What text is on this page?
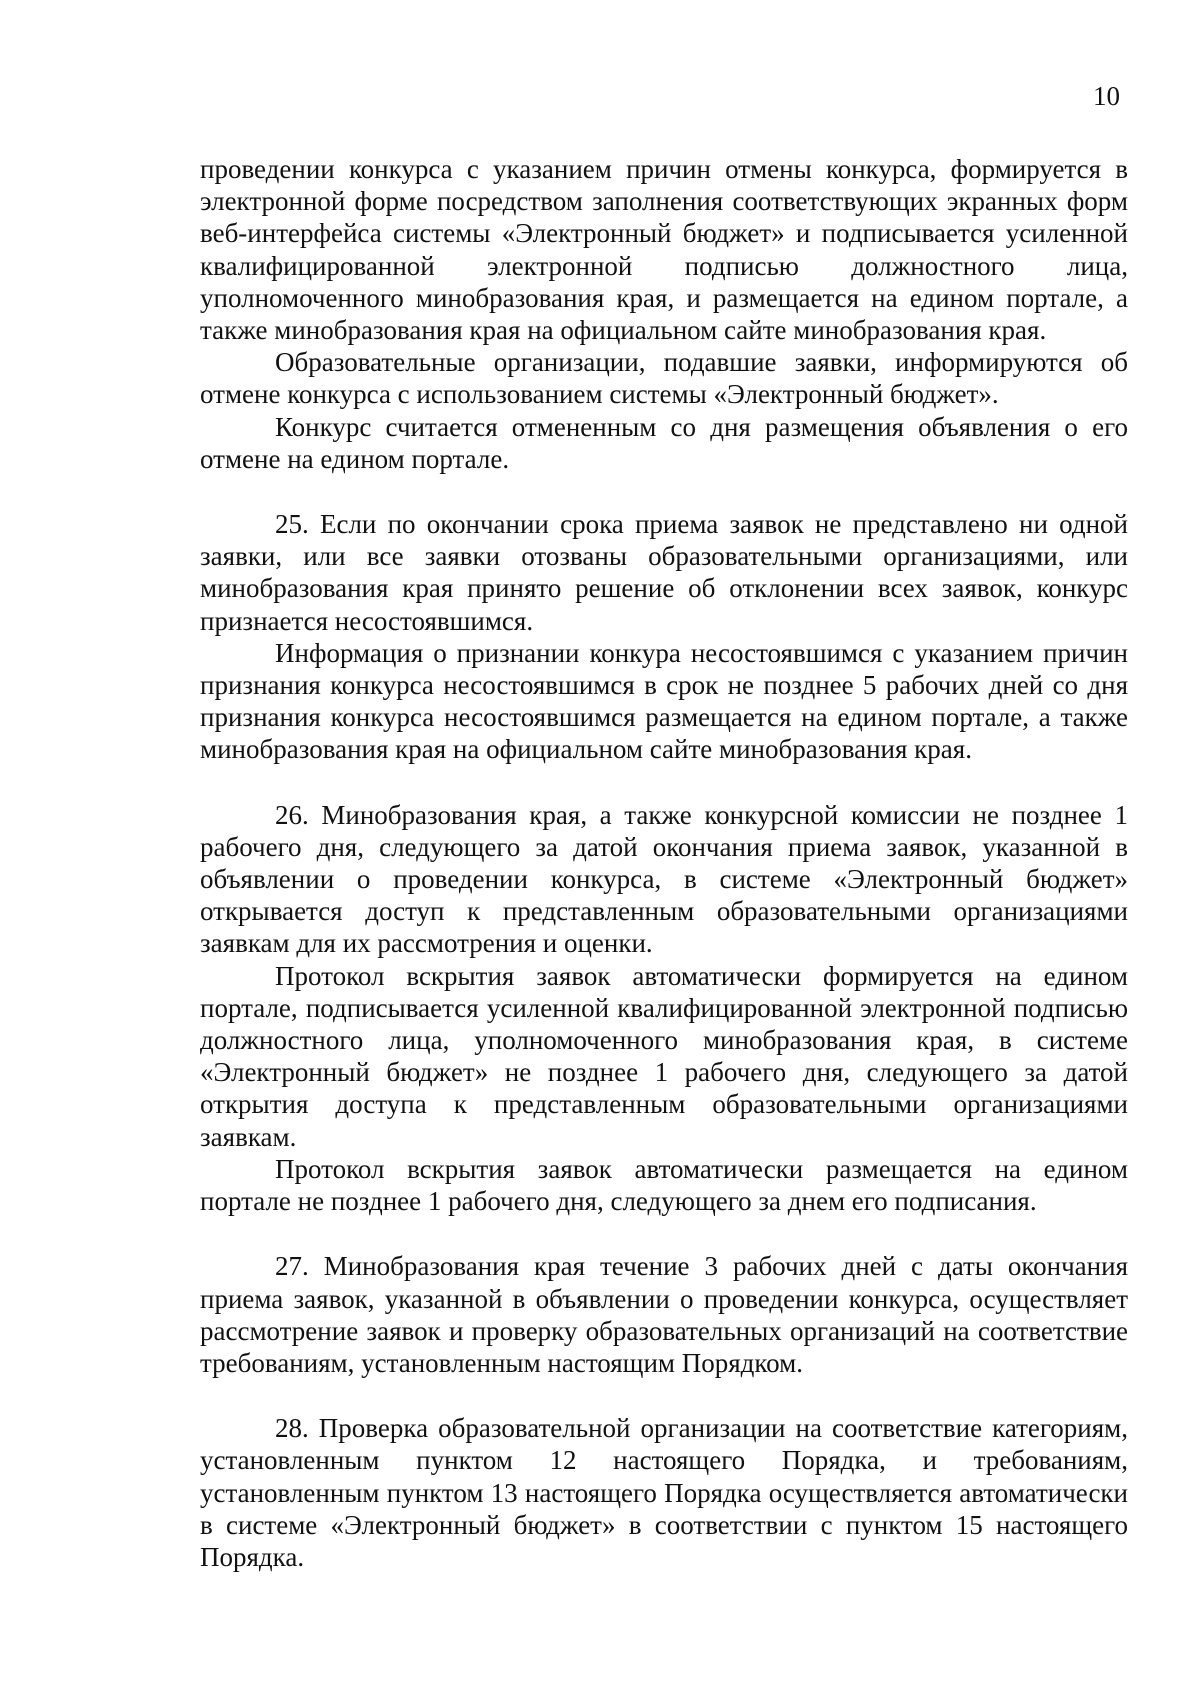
10

проведении конкурса с указанием причин отмены конкурса, формируется в электронной форме посредством заполнения соответствующих экранных форм веб-интерфейса системы «Электронный бюджет» и подписывается усиленной квалифицированной электронной подписью должностного лица, уполномоченного минобразования края, и размещается на едином портале, а также минобразования края на официальном сайте минобразования края.

Образовательные организации, подавшие заявки, информируются об отмене конкурса с использованием системы «Электронный бюджет».

Конкурс считается отмененным со дня размещения объявления о его отмене на едином портале.

25. Если по окончании срока приема заявок не представлено ни одной заявки, или все заявки отозваны образовательными организациями, или минобразования края принято решение об отклонении всех заявок, конкурс признается несостоявшимся.

Информация о признании конкура несостоявшимся с указанием причин признания конкурса несостоявшимся в срок не позднее 5 рабочих дней со дня признания конкурса несостоявшимся размещается на едином портале, а также минобразования края на официальном сайте минобразования края.

26. Минобразования края, а также конкурсной комиссии не позднее 1 рабочего дня, следующего за датой окончания приема заявок, указанной в объявлении о проведении конкурса, в системе «Электронный бюджет» открывается доступ к представленным образовательными организациями заявкам для их рассмотрения и оценки.

Протокол вскрытия заявок автоматически формируется на едином портале, подписывается усиленной квалифицированной электронной подписью должностного лица, уполномоченного минобразования края, в системе «Электронный бюджет» не позднее 1 рабочего дня, следующего за датой открытия доступа к представленным образовательными организациями заявкам.

Протокол вскрытия заявок автоматически размещается на едином портале не позднее 1 рабочего дня, следующего за днем его подписания.

27. Минобразования края течение 3 рабочих дней с даты окончания приема заявок, указанной в объявлении о проведении конкурса, осуществляет рассмотрение заявок и проверку образовательных организаций на соответствие требованиям, установленным настоящим Порядком.

28. Проверка образовательной организации на соответствие категориям, установленным пунктом 12 настоящего Порядка, и требованиям, установленным пунктом 13 настоящего Порядка осуществляется автоматически в системе «Электронный бюджет» в соответствии с пунктом 15 настоящего Порядка.
